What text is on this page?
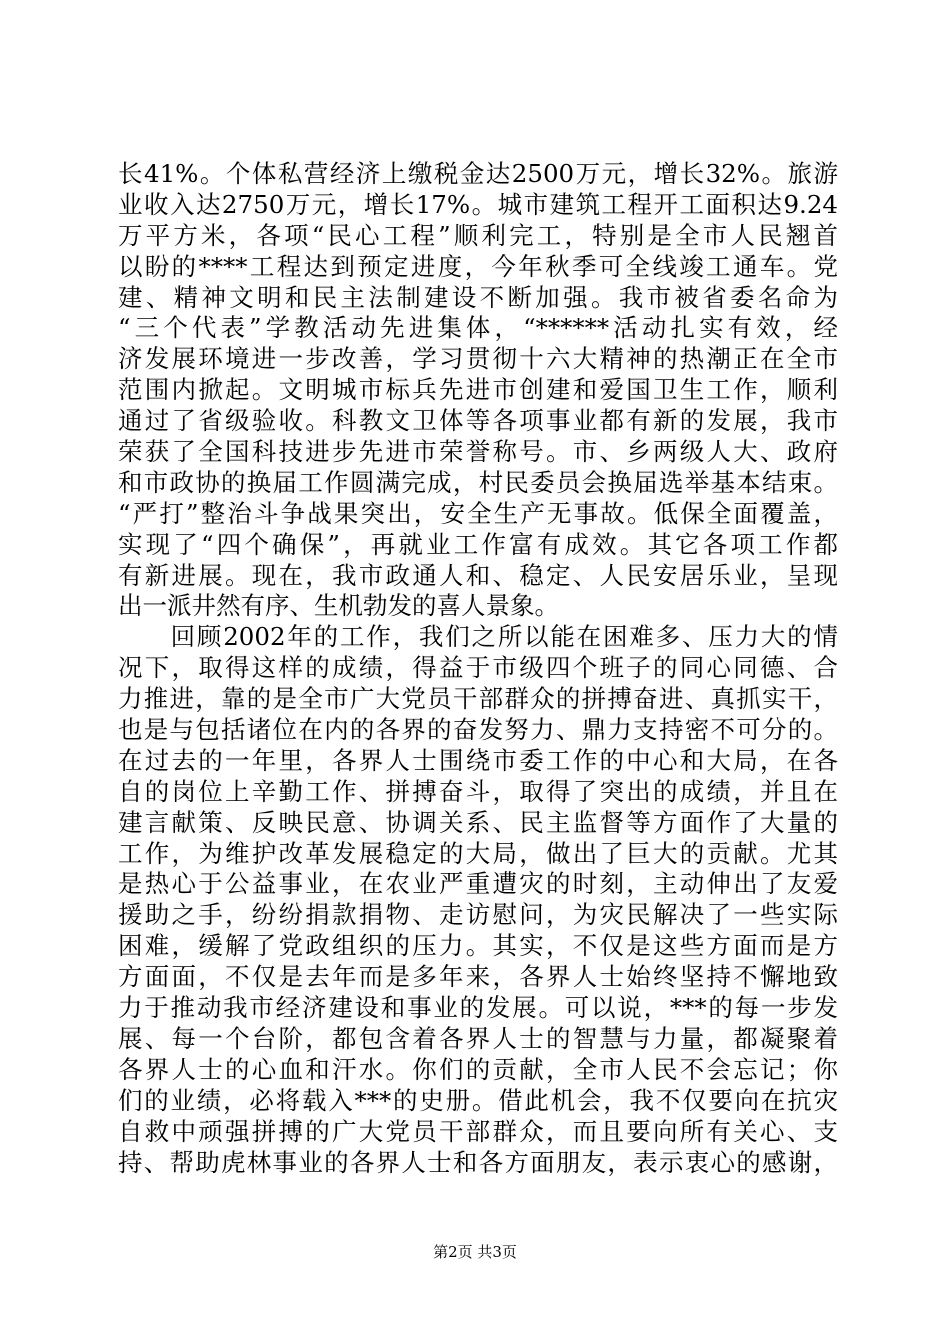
长41%。个体私营经济上缴税金达2500万元，增长32%。旅游
业收入达2750万元，增长17%。城市建筑工程开工面积达9.24
万平方米，各项“民心工程”顺利完工，特别是全市人民翘首
以盼的****工程达到预定进度，今年秋季可全线竣工通车。党
建、精神文明和民主法制建设不断加强。我市被省委名命为
“三个代表”学教活动先进集体，“******活动扎实有效，经
济发展环境进一步改善，学习贯彻十六大精神的热潮正在全市
范围内掀起。文明城市标兵先进市创建和爱国卫生工作，顺利
通过了省级验收。科教文卫体等各项事业都有新的发展，我市
荣获了全国科技进步先进市荣誉称号。市、乡两级人大、政府
和市政协的换届工作圆满完成，村民委员会换届选举基本结束。
“严打”整治斗争战果突出，安全生产无事故。低保全面覆盖，
实现了“四个确保”，再就业工作富有成效。其它各项工作都
有新进展。现在，我市政通人和、稳定、人民安居乐业，呈现
出一派井然有序、生机勃发的喜人景象。
　　回顾2002年的工作，我们之所以能在困难多、压力大的情
况下，取得这样的成绩，得益于市级四个班子的同心同德、合
力推进，靠的是全市广大党员干部群众的拼搏奋进、真抓实干，
也是与包括诸位在内的各界的奋发努力、鼎力支持密不可分的。
在过去的一年里，各界人士围绕市委工作的中心和大局，在各
自的岗位上辛勤工作、拼搏奋斗，取得了突出的成绩，并且在
建言献策、反映民意、协调关系、民主监督等方面作了大量的
工作，为维护改革发展稳定的大局，做出了巨大的贡献。尤其
是热心于公益事业，在农业严重遭灾的时刻，主动伸出了友爱
援助之手，纷纷捐款捐物、走访慰问，为灾民解决了一些实际
困难，缓解了党政组织的压力。其实，不仅是这些方面而是方
方面面，不仅是去年而是多年来，各界人士始终坚持不懈地致
力于推动我市经济建设和事业的发展。可以说，***的每一步发
展、每一个台阶，都包含着各界人士的智慧与力量，都凝聚着
各界人士的心血和汗水。你们的贡献，全市人民不会忘记；你
们的业绩，必将载入***的史册。借此机会，我不仅要向在抗灾
自救中顽强拼搏的广大党员干部群众，而且要向所有关心、支
持、帮助虎林事业的各界人士和各方面朋友，表示衷心的感谢，
第2页 共3页
